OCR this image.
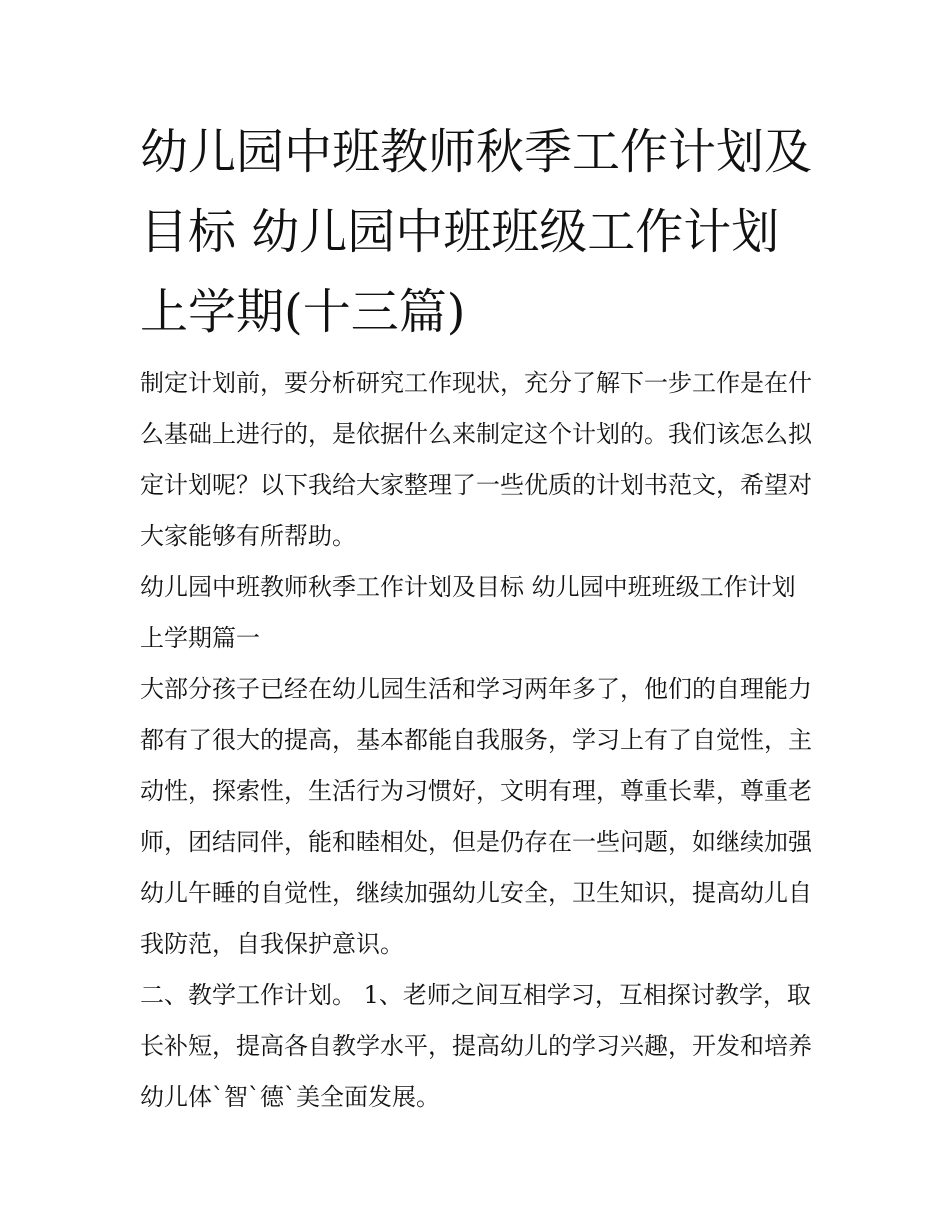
幼儿园中班教师秋季工作计划及目标 幼儿园中班班级工作计划上学期(十三篇)

制定计划前，要分析研究工作现状，充分了解下一步工作是在什么基础上进行的，是依据什么来制定这个计划的。我们该怎么拟定计划呢？以下我给大家整理了一些优质的计划书范文，希望对大家能够有所帮助。

幼儿园中班教师秋季工作计划及目标 幼儿园中班班级工作计划上学期篇一

大部分孩子已经在幼儿园生活和学习两年多了，他们的自理能力都有了很大的提高，基本都能自我服务，学习上有了自觉性，主动性，探索性，生活行为习惯好，文明有理，尊重长辈，尊重老师，团结同伴，能和睦相处，但是仍存在一些问题，如继续加强幼儿午睡的自觉性，继续加强幼儿安全，卫生知识，提高幼儿自我防范，自我保护意识。

二、教学工作计划。 1、老师之间互相学习，互相探讨教学，取长补短，提高各自教学水平，提高幼儿的学习兴趣，开发和培养幼儿体`智`德`美全面发展。
